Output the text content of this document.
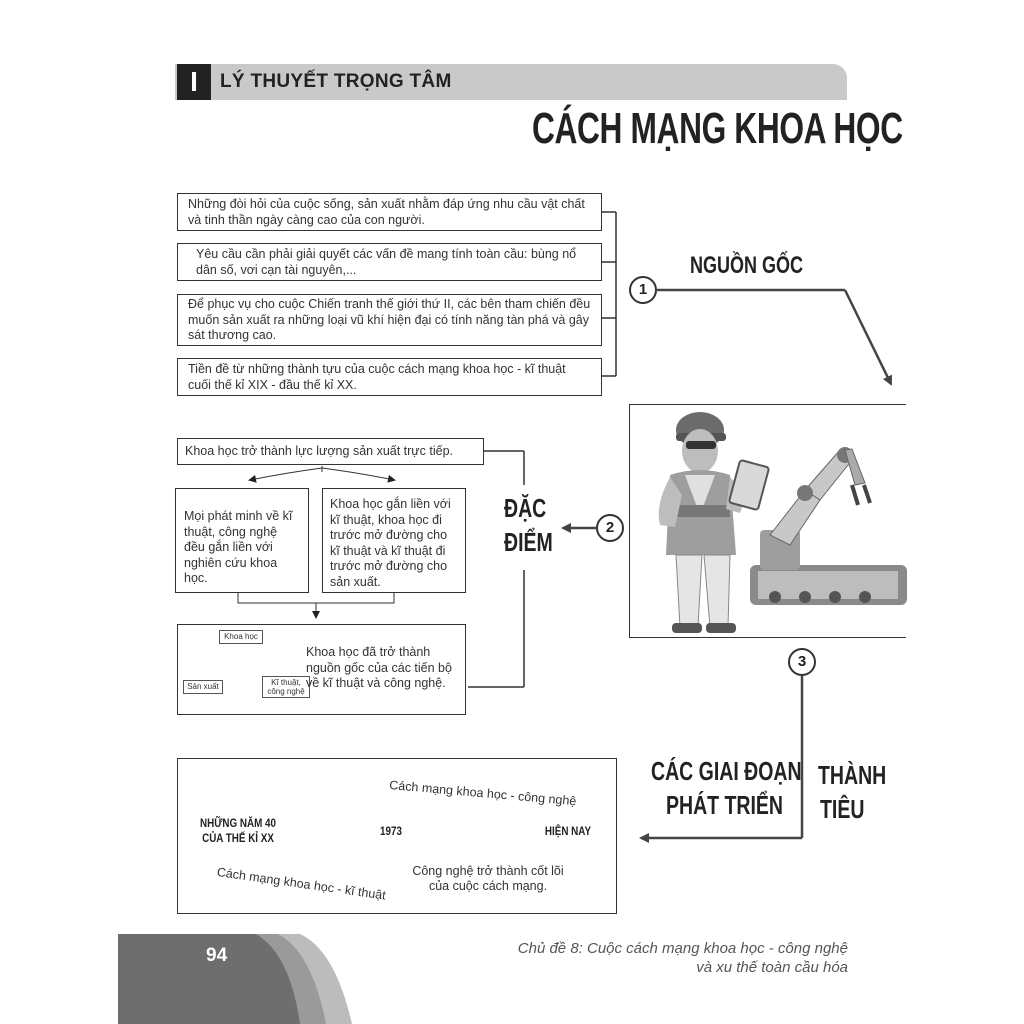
I	LÝ THUYẾT TRỌNG TÂM
CÁCH MẠNG KHOA HỌC

Những đòi hỏi của cuộc sống, sản xuất nhằm đáp ứng nhu cầu vật chất và tinh thần ngày càng cao của con người.

Yêu cầu cần phải giải quyết các vấn đề mang tính toàn cầu: bùng nổ dân số, vơi cạn tài nguyên,...

Để phục vụ cho cuộc Chiến tranh thế giới thứ II, các bên tham chiến đều muốn sản xuất ra những loại vũ khí hiện đại có tính năng tàn phá và gây sát thương cao.

Tiền đề từ những thành tựu của cuộc cách mạng khoa học - kĩ thuật cuối thế kỉ XIX - đầu thế kỉ XX.

NGUỒN GỐC
1

Khoa học trở thành lực lượng sản xuất trực tiếp.

Mọi phát minh về kĩ thuật, công nghệ đều gắn liền với nghiên cứu khoa học.

Khoa học gắn liền với kĩ thuật, khoa học đi trước mở đường cho kĩ thuật và kĩ thuật đi trước mở đường cho sản xuất.

Khoa học
Kĩ thuật,
công nghệ
Sản xuất
Khoa học đã trở thành nguồn gốc của các tiến bộ về kĩ thuật và công nghệ.
ĐẶC
ĐIỂM	2
3
CÁC GIAI ĐOẠN
PHÁT TRIỂN
THÀNH
TIÊU
NHỮNG NĂM 40
CỦA THẾ KỈ XX	1973	HIỆN NAY
Cách mạng khoa học - công nghệ
Cách mạng khoa học - kĩ thuật	Công nghệ trở thành cốt lõi
của cuộc cách mạng.
94	Chủ đề 8: Cuộc cách mạng khoa học - công nghệ
và xu thế toàn cầu hóa
